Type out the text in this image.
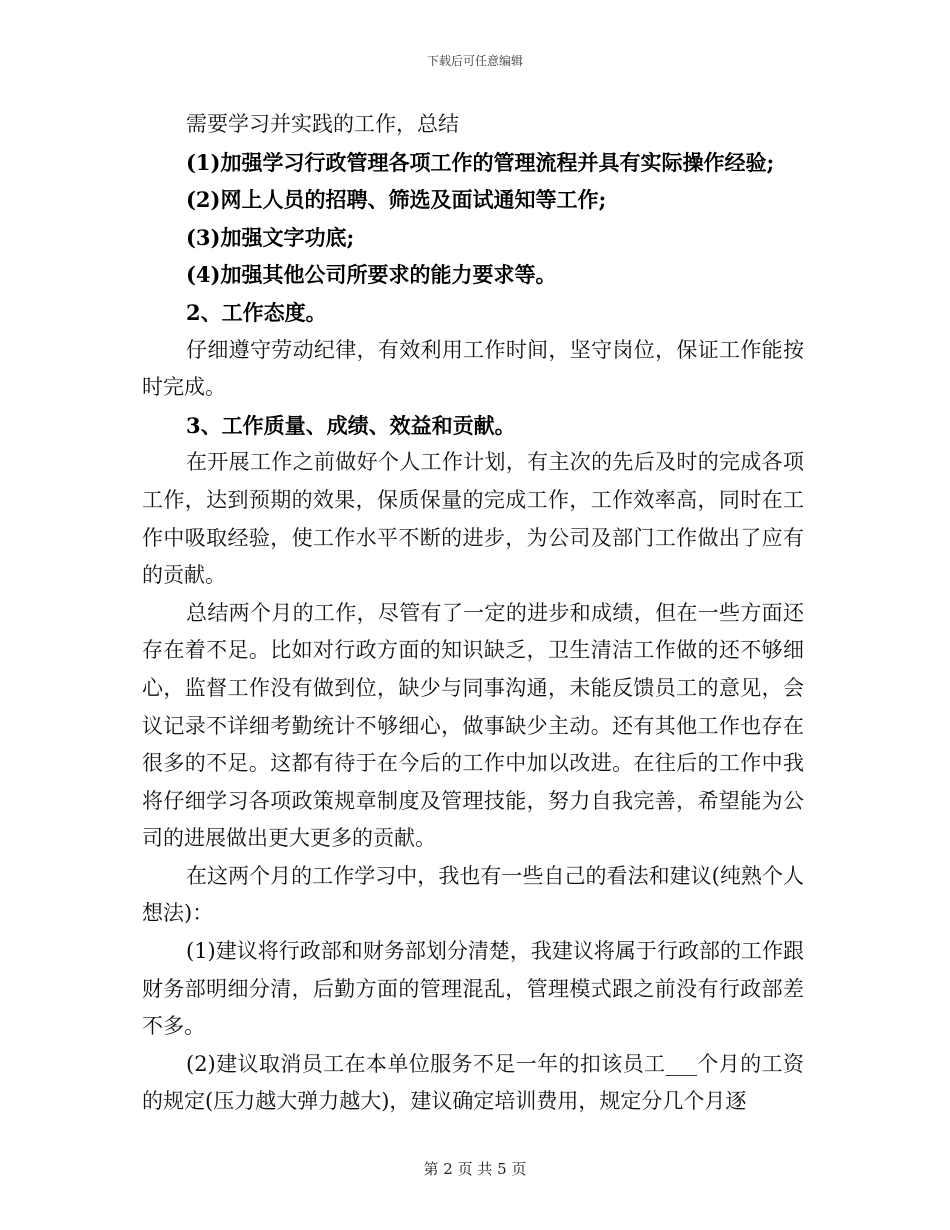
下载后可任意编辑

需要学习并实践的工作，总结

(1)加强学习行政管理各项工作的管理流程并具有实际操作经验;

(2)网上人员的招聘、筛选及面试通知等工作;

(3)加强文字功底;

(4)加强其他公司所要求的能力要求等。

2、工作态度。

仔细遵守劳动纪律，有效利用工作时间，坚守岗位，保证工作能按时完成。

3、工作质量、成绩、效益和贡献。

在开展工作之前做好个人工作计划，有主次的先后及时的完成各项工作，达到预期的效果，保质保量的完成工作，工作效率高，同时在工作中吸取经验，使工作水平不断的进步，为公司及部门工作做出了应有的贡献。

总结两个月的工作，尽管有了一定的进步和成绩，但在一些方面还存在着不足。比如对行政方面的知识缺乏，卫生清洁工作做的还不够细心，监督工作没有做到位，缺少与同事沟通，未能反馈员工的意见，会议记录不详细考勤统计不够细心，做事缺少主动。还有其他工作也存在很多的不足。这都有待于在今后的工作中加以改进。在往后的工作中我将仔细学习各项政策规章制度及管理技能，努力自我完善，希望能为公司的进展做出更大更多的贡献。

在这两个月的工作学习中，我也有一些自己的看法和建议(纯熟个人想法)：

(1)建议将行政部和财务部划分清楚，我建议将属于行政部的工作跟财务部明细分清，后勤方面的管理混乱，管理模式跟之前没有行政部差不多。

(2)建议取消员工在本单位服务不足一年的扣该员工___个月的工资的规定(压力越大弹力越大)，建议确定培训费用，规定分几个月逐

第 2 页 共 5 页
